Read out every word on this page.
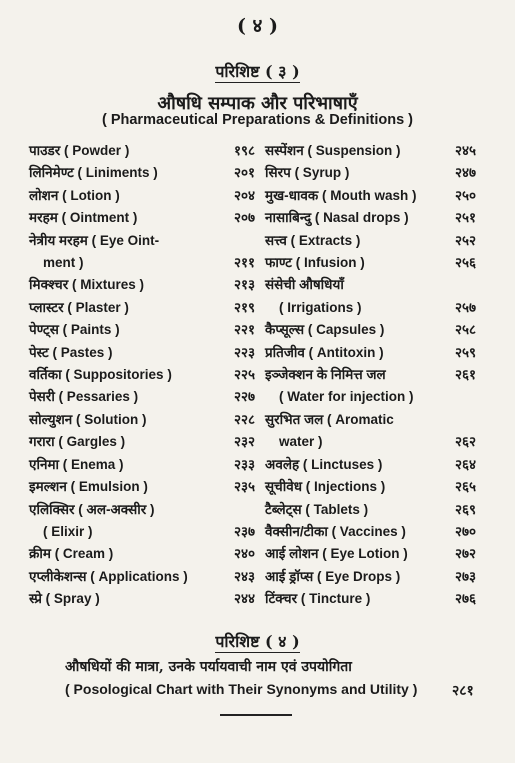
( ४ )
परिशिष्ट ( ३ )
औषधि सम्पाक और परिभाषाएँ
( Pharmaceutical Preparations & Definitions )
पाउडर ( Powder )	१९८
लिनिमेण्ट ( Liniments )	२०१
लोशन ( Lotion )	२०४
मरहम ( Ointment )	२०७
नेत्रीय मरहम ( Eye Oint-
ment )	२११
मिक्श्चर ( Mixtures )	२१३
प्लास्टर ( Plaster )	२१९
पेण्ट्स ( Paints )	२२१
पेस्ट ( Pastes )	२२३
वर्तिका ( Suppositories )	२२५
पेसरी ( Pessaries )	२२७
सोल्युशन ( Solution )	२२८
गरारा ( Gargles )	२३२
एनिमा ( Enema )	२३३
इमल्शन ( Emulsion )	२३५
एलिक्सिर ( अल-अक्सीर )
( Elixir )	२३७
क्रीम ( Cream )	२४०
एप्लीकेशन्स ( Applications )	२४३
स्प्रे ( Spray )	२४४
सस्पेंशन ( Suspension )	२४५
सिरप ( Syrup )	२४७
मुख-धावक ( Mouth wash )	२५०
नासाबिन्दु ( Nasal drops )	२५१
सत्त्व ( Extracts )	२५२
फाण्ट ( Infusion )	२५६
संसेची औषधियाँ
( Irrigations )	२५७
कैप्सूल्स ( Capsules )	२५८
प्रतिजीव ( Antitoxin )	२५९
इञ्जेक्शन के निमित्त जल	२६१
( Water for injection )
सुरभित जल ( Aromatic
water )	२६२
अवलेह ( Linctuses )	२६४
सूचीवेध ( Injections )	२६५
टैब्लेट्स ( Tablets )	२६९
वैक्सीन/टीका ( Vaccines )	२७०
आई लोशन ( Eye Lotion )	२७२
आई ड्रॉप्स ( Eye Drops )	२७३
टिंक्चर ( Tincture )	२७६
परिशिष्ट ( ४ )
औषधियों की मात्रा, उनके पर्यायवाची नाम एवं उपयोगिता
( Posological Chart with Their Synonyms and Utility ) २८१
